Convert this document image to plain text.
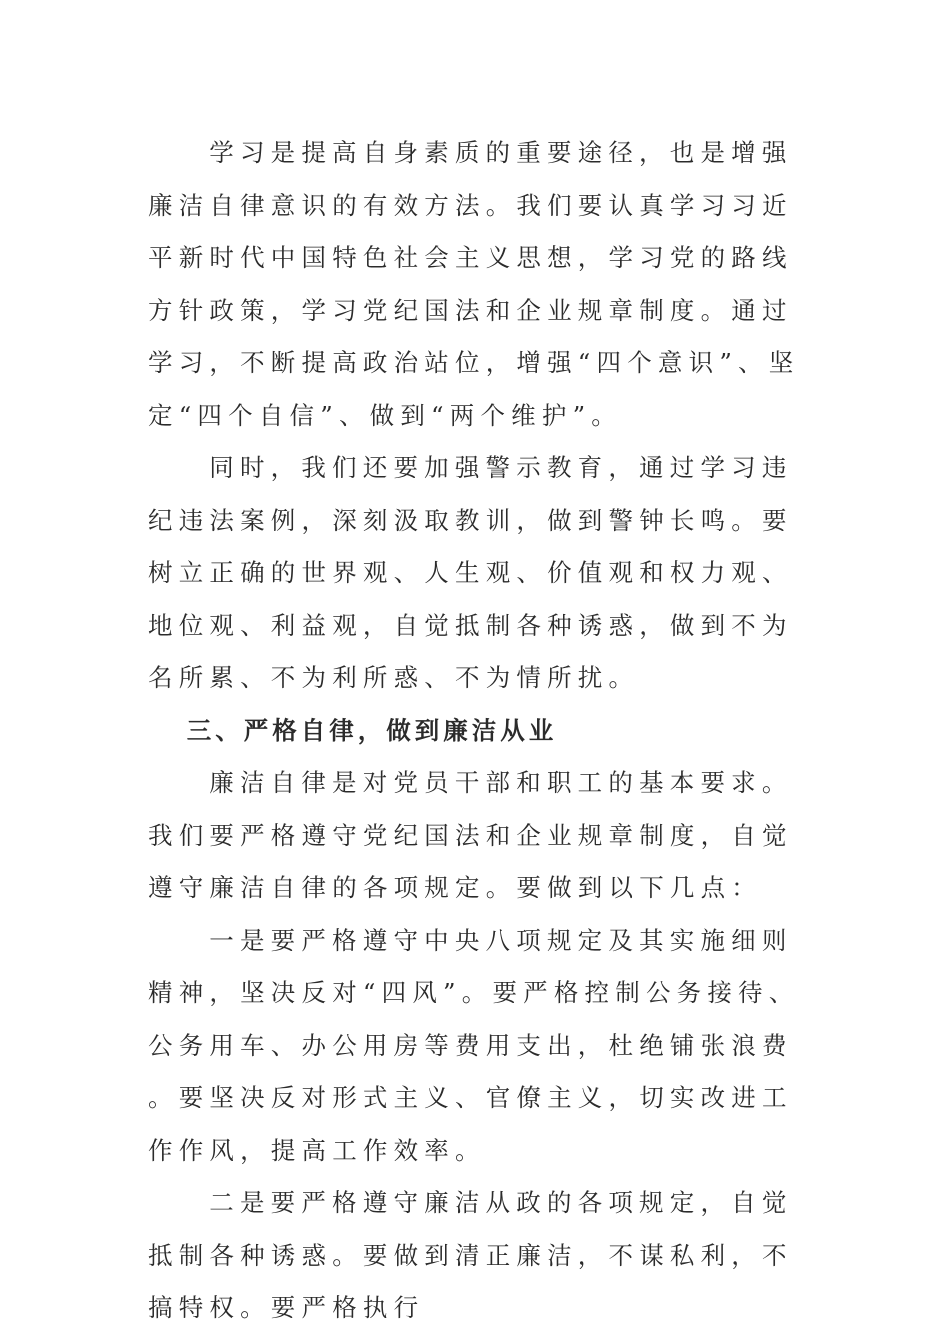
学习是提高自身素质的重要途径，也是增强廉洁自律意识的有效方法。我们要认真学习习近平新时代中国特色社会主义思想，学习党的路线方针政策，学习党纪国法和企业规章制度。通过学习，不断提高政治站位，增强“四个意识”、坚定“四个自信”、做到“两个维护”。

同时，我们还要加强警示教育，通过学习违纪违法案例，深刻汲取教训，做到警钟长鸣。要树立正确的世界观、人生观、价值观和权力观、地位观、利益观，自觉抵制各种诱惑，做到不为名所累、不为利所惑、不为情所扰。

三、严格自律，做到廉洁从业

廉洁自律是对党员干部和职工的基本要求。我们要严格遵守党纪国法和企业规章制度，自觉遵守廉洁自律的各项规定。要做到以下几点：

一是要严格遵守中央八项规定及其实施细则精神，坚决反对“四风”。要严格控制公务接待、公务用车、办公用房等费用支出，杜绝铺张浪费。要坚决反对形式主义、官僚主义，切实改进工作作风，提高工作效率。

二是要严格遵守廉洁从政的各项规定，自觉抵制各种诱惑。要做到清正廉洁，不谋私利，不搞特权。要严格执行
